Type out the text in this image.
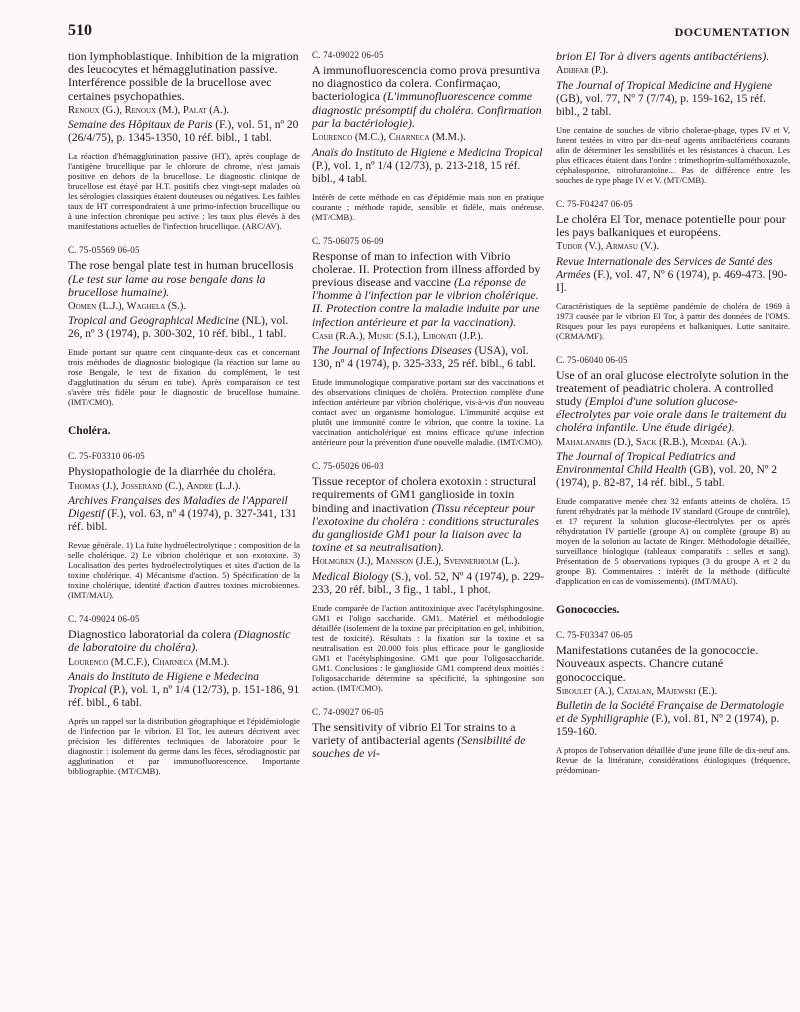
510	DOCUMENTATION
tion lymphoblastique. Inhibition de la migration des leucocytes et hémagglutination passive. Interférence possible de la brucellose avec certaines psychopathies.
Renoux (G.), Renoux (M.), Palat (A.).
Semaine des Hôpitaux de Paris (F.), vol. 51, nº 20 (26/4/75), p. 1345-1350, 10 réf. bibl., 1 tabl.
La réaction d'hémagglutination passive (HT), après couplage de l'antigène brucellique par le chlorure de chrome, n'est jamais positive en dehors de la brucellose. Le diagnostic clinique de brucellose est étayé par H.T. positifs chez vingt-sept malades où les sérologies classiques étaient douteuses ou négatives. Les faibles taux de HT correspondraient à une primo-infection brucellique ou à une infection chronique peu active ; les taux plus élevés à des manifestations actuelles de l'infection brucellique. (ARC/AV).
C. 75-05569 06-05
The rose bengal plate test in human brucellosis (Le test sur lame au rose bengale dans la brucellose humaine).
Oomen (L.J.), Waghela (S.).
Tropical and Geographical Medicine (NL), vol. 26, nº 3 (1974), p. 300-302, 10 réf. bibl., 1 tabl.
Etude portant sur quatre cent cinquante-deux cas et concernant trois méthodes de diagnostic biologique (la réaction sur lame au rose Bengale, le test de fixation du complément, le test d'agglutination du sérum en tube). Après comparaison ce test s'avère très fidèle pour le diagnostic de brucellose humaine. (IMT/CMO).
Choléra.
C. 75-F03310 06-05
Physiopathologie de la diarrhée du choléra.
Thomas (J.), Josserand (C.), Andre (L.J.).
Archives Françaises des Maladies de l'Appareil Digestif (F.), vol. 63, nº 4 (1974), p. 327-341, 131 réf. bibl.
Revue générale. 1) La fuite hydroélectrolytique : composition de la selle cholérique. 2) Le vibrion cholérique et son exotoxine. 3) Localisation des pertes hydroélectrolytiques et sites d'action de la toxine cholérique. 4) Mécanisme d'action. 5) Spécification de la toxine cholérique, identité d'action d'autres toxines microbiennes. (IMT/MAU).
C. 74-09024 06-05
Diagnostico laboratorial da colera (Diagnostic de laboratoire du choléra).
Lourenco (M.C.F.), Charneca (M.M.).
Anais do Instituto de Higiene e Medecina Tropical (P.), vol. 1, nº 1/4 (12/73), p. 151-186, 91 réf. bibl., 6 tabl.
Après un rappel sur la distribution géographique et l'épidémiologie de l'infection par le vibrion. El Tor, les auteurs décrivent avec précision les différentes techniques de laboratoire pour le diagnostic : isolement du germe dans les fèces, sérodiagnostic par agglutination et par immunofluorescence. Importante bibliographie. (MT/CMB).
C. 74-09022 06-05
A immunofluorescencia como prova presuntiva no diagnostico da colera. Confirmaçao, bacteriologica (L'immunofluorescence comme diagnostic présomptif du choléra. Confirmation par la bactériologie).
Lourenco (M.C.), Charneca (M.M.).
Anaïs do Instituto de Higiene e Medicina Tropical (P.), vol. 1, nº 1/4 (12/73), p. 213-218, 15 réf. bibl., 4 tabl.
Intérêt de cette méthode en cas d'épidémie mais non en pratique courante ; méthode rapide, sensible et fidèle, mais onéreuse. (MT/CMB).
C. 75-06075 06-09
Response of man to infection with Vibrio cholerae. II. Protection from illness afforded by previous disease and vaccine (La réponse de l'homme à l'infection par le vibrion cholérique. II. Protection contre la maladie induite par une infection antérieure et par la vaccination).
Cash (R.A.), Music (S.I.), Libonati (J.P.).
The Journal of Infections Diseases (USA), vol. 130, nº 4 (1974), p. 325-333, 25 réf. bibl., 6 tabl.
Etude immunologique comparative portant sur des vaccinations et des observations cliniques de choléra. Protection complète d'une infection antérieure par vibrion cholérique, vis-à-vis d'un nouveau contact avec un organisme homologue. L'immunité acquise est plutôt une immunité contre le vibrion, que contre la toxine. La vaccination anticholérique est moins efficace qu'une infection antérieure pour la prévention d'une nouvelle maladie. (IMT/CMO).
C. 75-05026 06-03
Tissue receptor of cholera exotoxin : structural requirements of GM1 ganglioside in toxin binding and inactivation (Tissu récepteur pour l'exotoxine du choléra : conditions structurales du ganglioside GM1 pour la liaison avec la toxine et sa neutralisation).
Holmgren (J.), Mansson (J.E.), Svennerholm (L.).
Medical Biology (S.), vol. 52, Nº 4 (1974), p. 229-233, 20 réf. bibl., 3 fig., 1 tabl., 1 phot.
Etude comparée de l'action antitoxinique avec l'acétylsphingosine. GM1 et l'oligo saccharide. GM1. Matériel et méthodologie détaillée (isolement de la toxine par précipitation en gel, inhibition, test de toxicité). Résultats : la fixation sur la toxine et sa neutralisation est 20.000 fois plus efficace pour le ganglioside GM1 et l'acétylsphingosine. GM1 que pour l'oligosaccharide. GM1. Conclusions : le ganglioside GM1 comprend deux moitiés : l'oligosaccharide détermine sa spécificité, la sphingosine son action. (IMT/CMO).
C. 74-09027 06-05
The sensitivity of vibrio El Tor strains to a variety of antibacterial agents (Sensibilité de souches de vi-
brion El Tor à divers agents antibactériens).
Adibfar (P.).
The Journal of Tropical Medicine and Hygiene (GB), vol. 77, Nº 7 (7/74), p. 159-162, 15 réf. bibl., 2 tabl.
Une centaine de souches de vibrio cholerae-phage, types IV et V, furent testées in vitro par dix-neuf agents antibactériens courants afin de déterminer les sensibilités et les résistances à chacun. Les plus efficaces étaient dans l'ordre : trimethoprim-sulfaméthoxazole, céphalosporine, nitrofurantoïne... Pas de différence entre les souches de type phage IV et V. (MT/CMB).
C. 75-F04247 06-05
Le choléra El Tor, menace potentielle pour pour les pays balkaniques et européens.
Tudor (V.), Armasu (V.).
Revue Internationale des Services de Santé des Armées (F.), vol. 47, Nº 6 (1974), p. 469-473. [90-I].
Caractéristiques de la septième pandémie de choléra de 1969 à 1973 causée par le vibrion El Tor, à partir des données de l'OMS. Risques pour les pays européens et balkaniques. Lutte sanitaire. (CRMA/MF).
C. 75-06040 06-05
Use of an oral glucose electrolyte solution in the treatement of peadiatric cholera. A controlled study (Emploi d'une solution glucose-électrolytes par voie orale dans le traitement du choléra infantile. Une étude dirigée).
Mahalanabis (D.), Sack (R.B.), Mondal (A.).
The Journal of Tropical Pediatrics and Environmental Child Health (GB), vol. 20, Nº 2 (1974), p. 82-87, 14 réf. bibl., 5 tabl.
Etude comparative menée chez 32 enfants atteints de choléra. 15 furent réhydratés par la méthode IV standard (Groupe de contrôle), et 17 reçurent la solution glucose-électrolytes per os après réhydratation IV partielle (groupe A) ou complète (groupe B) au moyen de la solution au lactate de Ringer. Méthodologie détaillée, surveillance biologique (tableaux comparatifs : selles et sang). Présentation de 5 observations typiques (3 du groupe A et 2 du groupe B). Commentaires : intérêt de la méthode (difficulté d'application en cas de vomissements). (IMT/MAU).
Gonococcies.
C. 75-F03347 06-05
Manifestations cutanées de la gonococcie. Nouveaux aspects. Chancre cutané gonococcique.
Siboulet (A.), Catalan, Majewski (E.).
Bulletin de la Société Française de Dermatologie et de Syphiligraphie (F.), vol. 81, Nº 2 (1974), p. 159-160.
A propos de l'observation détaillée d'une jeune fille de dix-neuf ans. Revue de la littérature, considérations étiologiques (fréquence, prédominan-
